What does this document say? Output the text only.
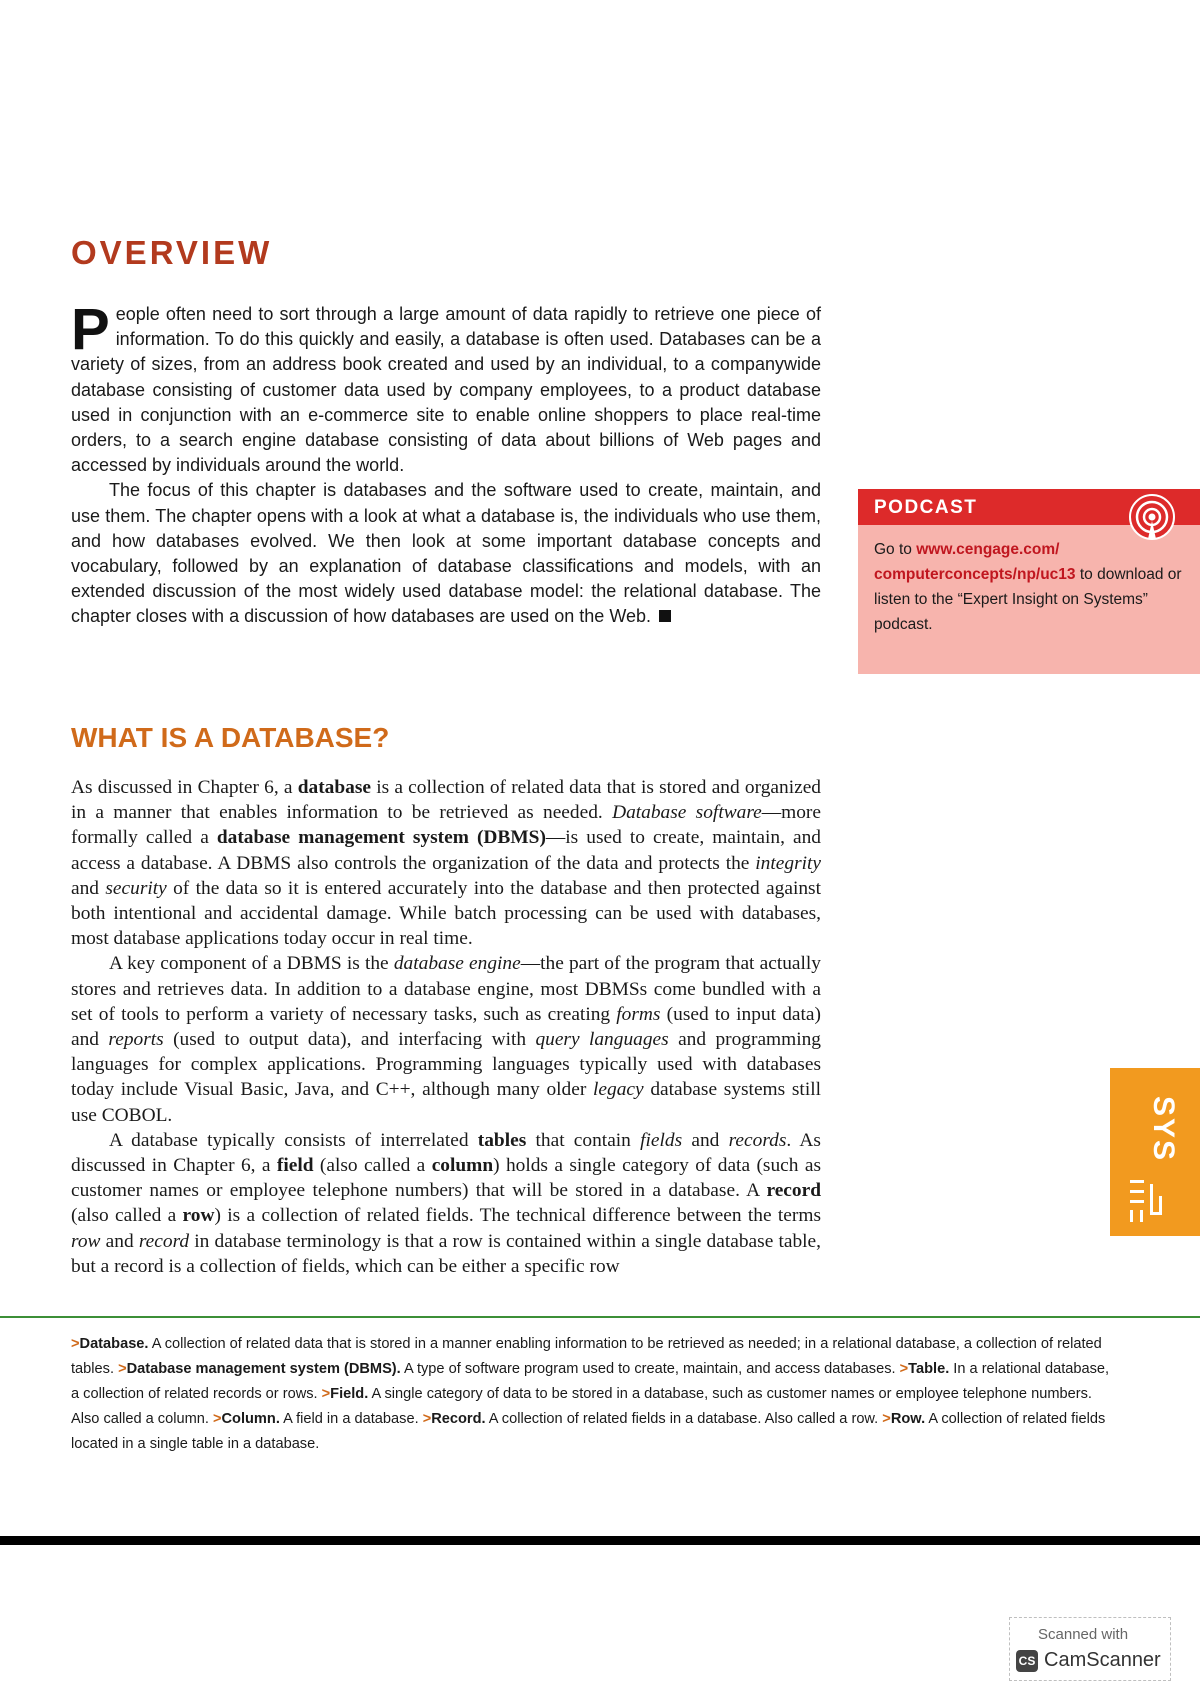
OVERVIEW

People often need to sort through a large amount of data rapidly to retrieve one piece of information. To do this quickly and easily, a database is often used. Databases can be a variety of sizes, from an address book created and used by an individual, to a companywide database consisting of customer data used by company employees, to a product database used in conjunction with an e-commerce site to enable online shoppers to place real-time orders, to a search engine database consisting of data about billions of Web pages and accessed by individuals around the world.

The focus of this chapter is databases and the software used to create, maintain, and use them. The chapter opens with a look at what a database is, the individuals who use them, and how databases evolved. We then look at some important database concepts and vocabulary, followed by an explanation of database classifications and models, with an extended discussion of the most widely used database model: the relational database. The chapter closes with a discussion of how databases are used on the Web.

PODCAST
Go to www.cengage.com/ computerconcepts/np/uc13 to download or listen to the “Expert Insight on Systems” podcast.
WHAT IS A DATABASE?

As discussed in Chapter 6, a database is a collection of related data that is stored and organized in a manner that enables information to be retrieved as needed. Database software—more formally called a database management system (DBMS)—is used to create, maintain, and access a database. A DBMS also controls the organization of the data and protects the integrity and security of the data so it is entered accurately into the database and then protected against both intentional and accidental damage. While batch processing can be used with databases, most database applications today occur in real time.

A key component of a DBMS is the database engine—the part of the program that actually stores and retrieves data. In addition to a database engine, most DBMSs come bundled with a set of tools to perform a variety of necessary tasks, such as creating forms (used to input data) and reports (used to output data), and interfacing with query languages and programming languages for complex applications. Programming languages typically used with databases today include Visual Basic, Java, and C++, although many older legacy database systems still use COBOL.

A database typically consists of interrelated tables that contain fields and records. As discussed in Chapter 6, a field (also called a column) holds a single category of data (such as customer names or employee telephone numbers) that will be stored in a database. A record (also called a row) is a collection of related fields. The technical difference between the terms row and record in database terminology is that a row is contained within a single database table, but a record is a collection of fields, which can be either a specific row

SYS

>Database. A collection of related data that is stored in a manner enabling information to be retrieved as needed; in a relational database, a collection of related tables. >Database management system (DBMS). A type of software program used to create, maintain, and access databases. >Table. In a relational database, a collection of related records or rows. >Field. A single category of data to be stored in a database, such as customer names or employee telephone numbers. Also called a column. >Column. A field in a database. >Record. A collection of related fields in a database. Also called a row. >Row. A collection of related fields located in a single table in a database.

Scanned with
CS CamScanner
